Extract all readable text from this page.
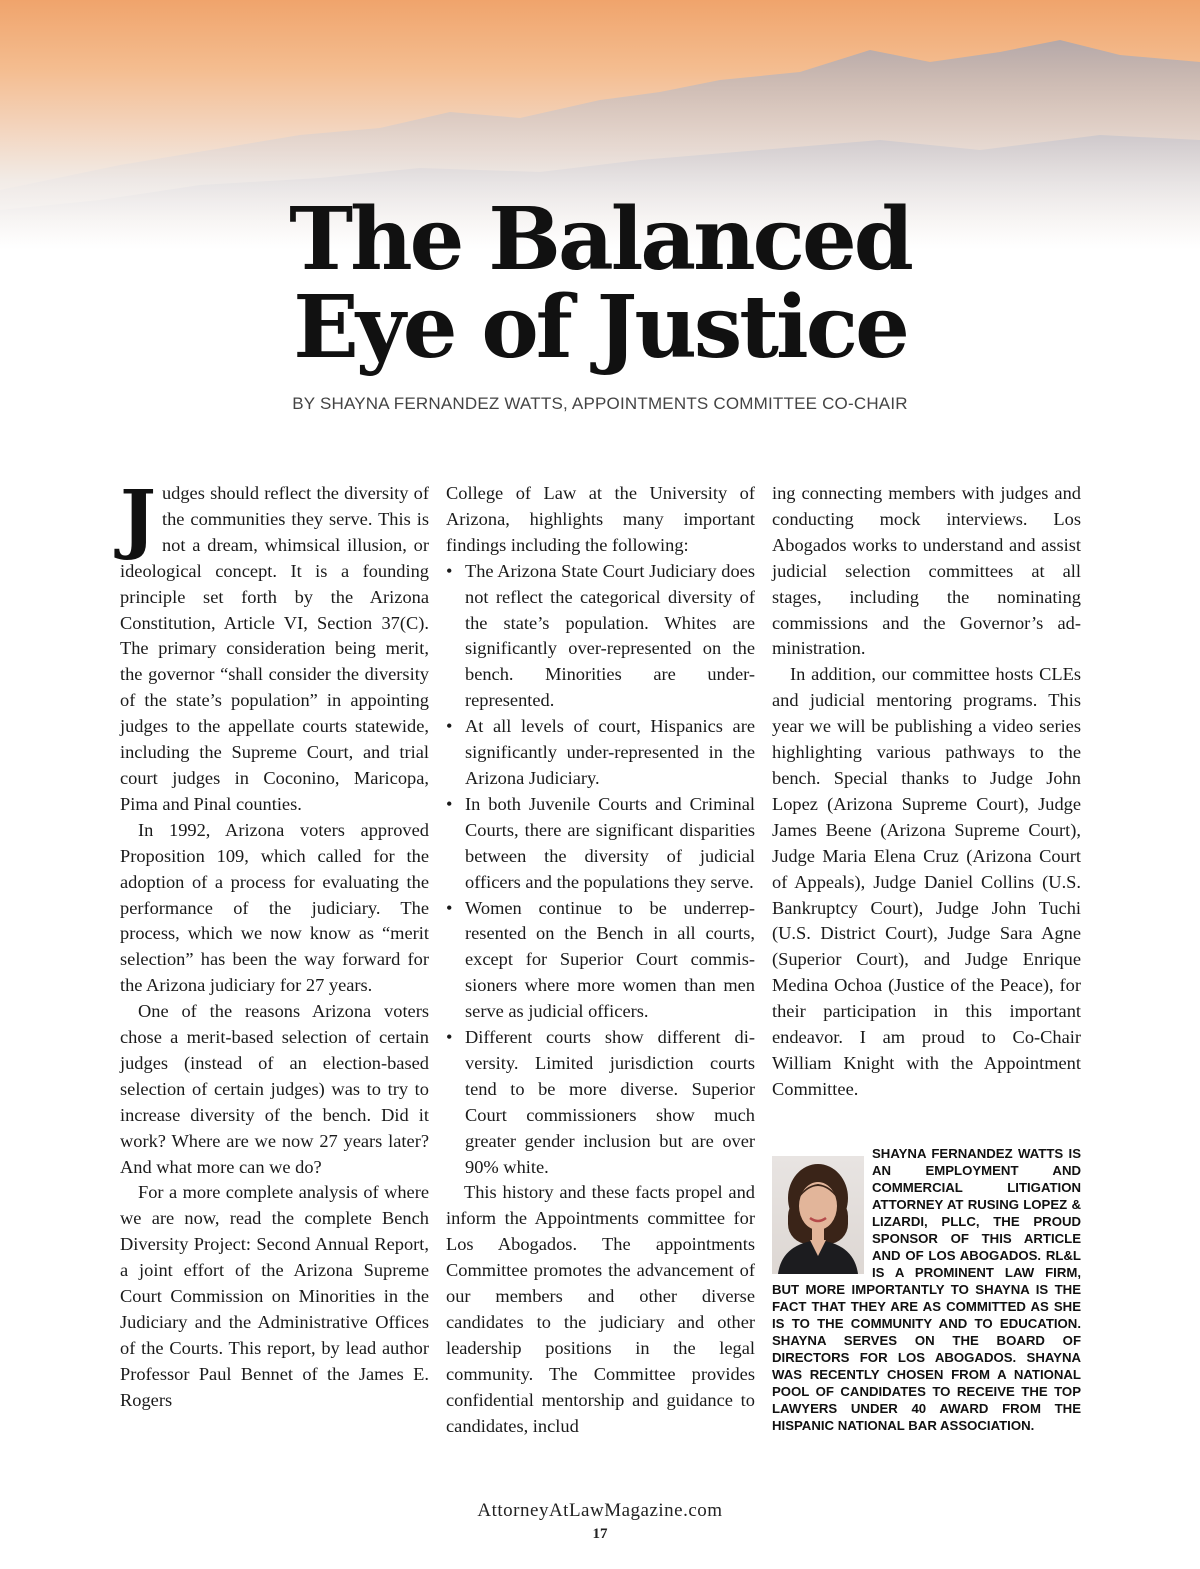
The Balanced
Eye of Justice
BY SHAYNA FERNANDEZ WATTS, APPOINTMENTS COMMITTEE CO-CHAIR
J udges should reflect the diversity of the communities they serve. This is not a dream, whimsical illusion, or ideological concept. It is a founding principle set forth by the Arizona Constitution, Article VI, Section 37(C). The primary consideration being merit, the governor “shall consider the diversity of the state’s population” in appointing judges to the appellate courts statewide, including the Supreme Court, and trial court judges in Coconino, Maricopa, Pima and Pinal counties.

In 1992, Arizona voters approved Proposition 109, which called for the adoption of a process for evaluating the performance of the judiciary. The process, which we now know as “merit selection” has been the way forward for the Arizona judiciary for 27 years.

One of the reasons Arizona voters chose a merit-based selection of certain judges (instead of an election-based selection of certain judges) was to try to increase diversity of the bench. Did it work? Where are we now 27 years later? And what more can we do?

For a more complete analysis of where we are now, read the complete Bench Diversity Project: Second Annual Report, a joint effort of the Arizona Supreme Court Commission on Minorities in the Judiciary and the Administrative Offices of the Courts. This report, by lead author Professor Paul Bennet of the James E. Rogers

College of Law at the University of Arizona, highlights many important findings including the following:

• The Arizona State Court Judiciary does not reflect the categorical diversity of the state’s population. Whites are significantly over-represented on the bench. Minorities are under-represented.
• At all levels of court, Hispanics are significantly under-represented in the Arizona Judiciary.
• In both Juvenile Courts and Criminal Courts, there are significant disparities between the diversity of judicial officers and the populations they serve.
• Women continue to be underrepresented on the Bench in all courts, except for Superior Court commissioners where more women than men serve as judicial officers.
• Different courts show different diversity. Limited jurisdiction courts tend to be more diverse. Superior Court commissioners show much greater gender inclusion but are over 90% white.

This history and these facts propel and inform the Appointments committee for Los Abogados. The appointments Committee promotes the advancement of our members and other diverse candidates to the judiciary and other leadership positions in the legal community. The Committee provides confidential mentorship and guidance to candidates, includ

ing connecting members with judges and conducting mock interviews. Los Abogados works to understand and assist judicial selection committees at all stages, including the nominating commissions and the Governor’s administration.

In addition, our committee hosts CLEs and judicial mentoring programs. This year we will be publishing a video series highlighting various pathways to the bench. Special thanks to Judge John Lopez (Arizona Supreme Court), Judge James Beene (Arizona Supreme Court), Judge Maria Elena Cruz (Arizona Court of Appeals), Judge Daniel Collins (U.S. Bankruptcy Court), Judge John Tuchi (U.S. District Court), Judge Sara Agne (Superior Court), and Judge Enrique Medina Ochoa (Justice of the Peace), for their participation in this important endeavor. I am proud to Co-Chair William Knight with the Appointment Committee.

SHAYNA FERNANDEZ WATTS IS AN EMPLOYMENT AND COMMERCIAL LITIGATION ATTORNEY AT RUSING LOPEZ & LIZARDI, PLLC, THE PROUD SPONSOR OF THIS ARTICLE AND OF LOS ABOGADOS. RL&L IS A PROMINENT LAW FIRM, BUT MORE IMPORTANTLY TO SHAYNA IS THE FACT THAT THEY ARE AS COMMITTED AS SHE IS TO THE COMMUNITY AND TO EDUCATION. SHAYNA SERVES ON THE BOARD OF DIRECTORS FOR LOS ABOGADOS. SHAYNA WAS RECENTLY CHOSEN FROM A NATIONAL POOL OF CANDIDATES TO RECEIVE THE TOP LAWYERS UNDER 40 AWARD FROM THE HISPANIC NATIONAL BAR ASSOCIATION.
AttorneyAtLawMagazine.com
17
